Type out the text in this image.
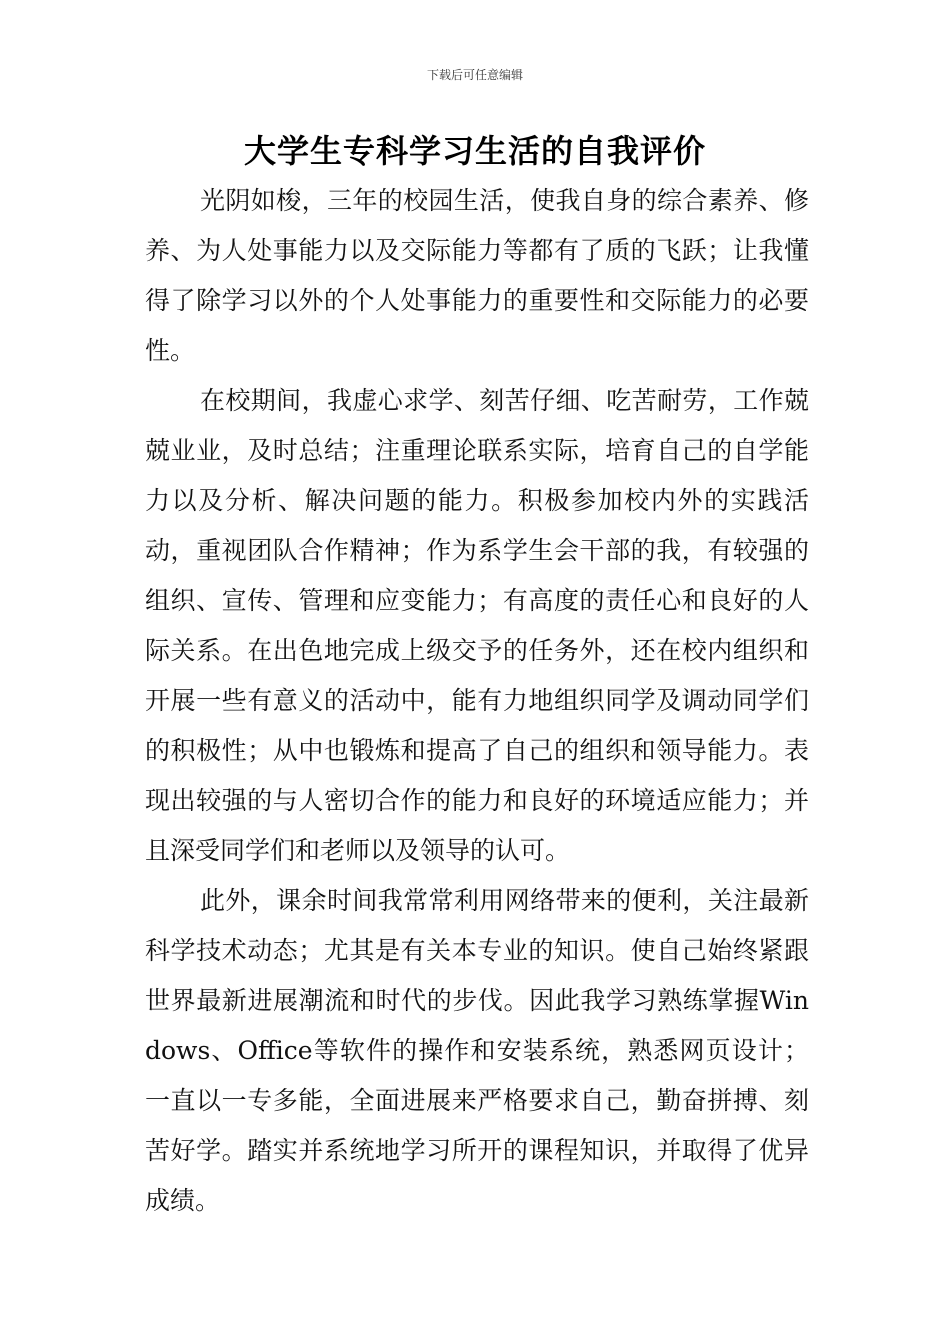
下载后可任意编辑
大学生专科学习生活的自我评价

光阴如梭，三年的校园生活，使我自身的综合素养、修养、为人处事能力以及交际能力等都有了质的飞跃；让我懂得了除学习以外的个人处事能力的重要性和交际能力的必要性。

在校期间，我虚心求学、刻苦仔细、吃苦耐劳，工作兢兢业业，及时总结；注重理论联系实际，培育自己的自学能力以及分析、解决问题的能力。积极参加校内外的实践活动，重视团队合作精神；作为系学生会干部的我，有较强的组织、宣传、管理和应变能力；有高度的责任心和良好的人际关系。在出色地完成上级交予的任务外，还在校内组织和开展一些有意义的活动中，能有力地组织同学及调动同学们的积极性；从中也锻炼和提高了自己的组织和领导能力。表现出较强的与人密切合作的能力和良好的环境适应能力；并且深受同学们和老师以及领导的认可。

此外，课余时间我常常利用网络带来的便利，关注最新科学技术动态；尤其是有关本专业的知识。使自己始终紧跟世界最新进展潮流和时代的步伐。因此我学习熟练掌握Windows、Office等软件的操作和安装系统，熟悉网页设计；一直以一专多能，全面进展来严格要求自己，勤奋拼搏、刻苦好学。踏实并系统地学习所开的课程知识，并取得了优异成绩。
